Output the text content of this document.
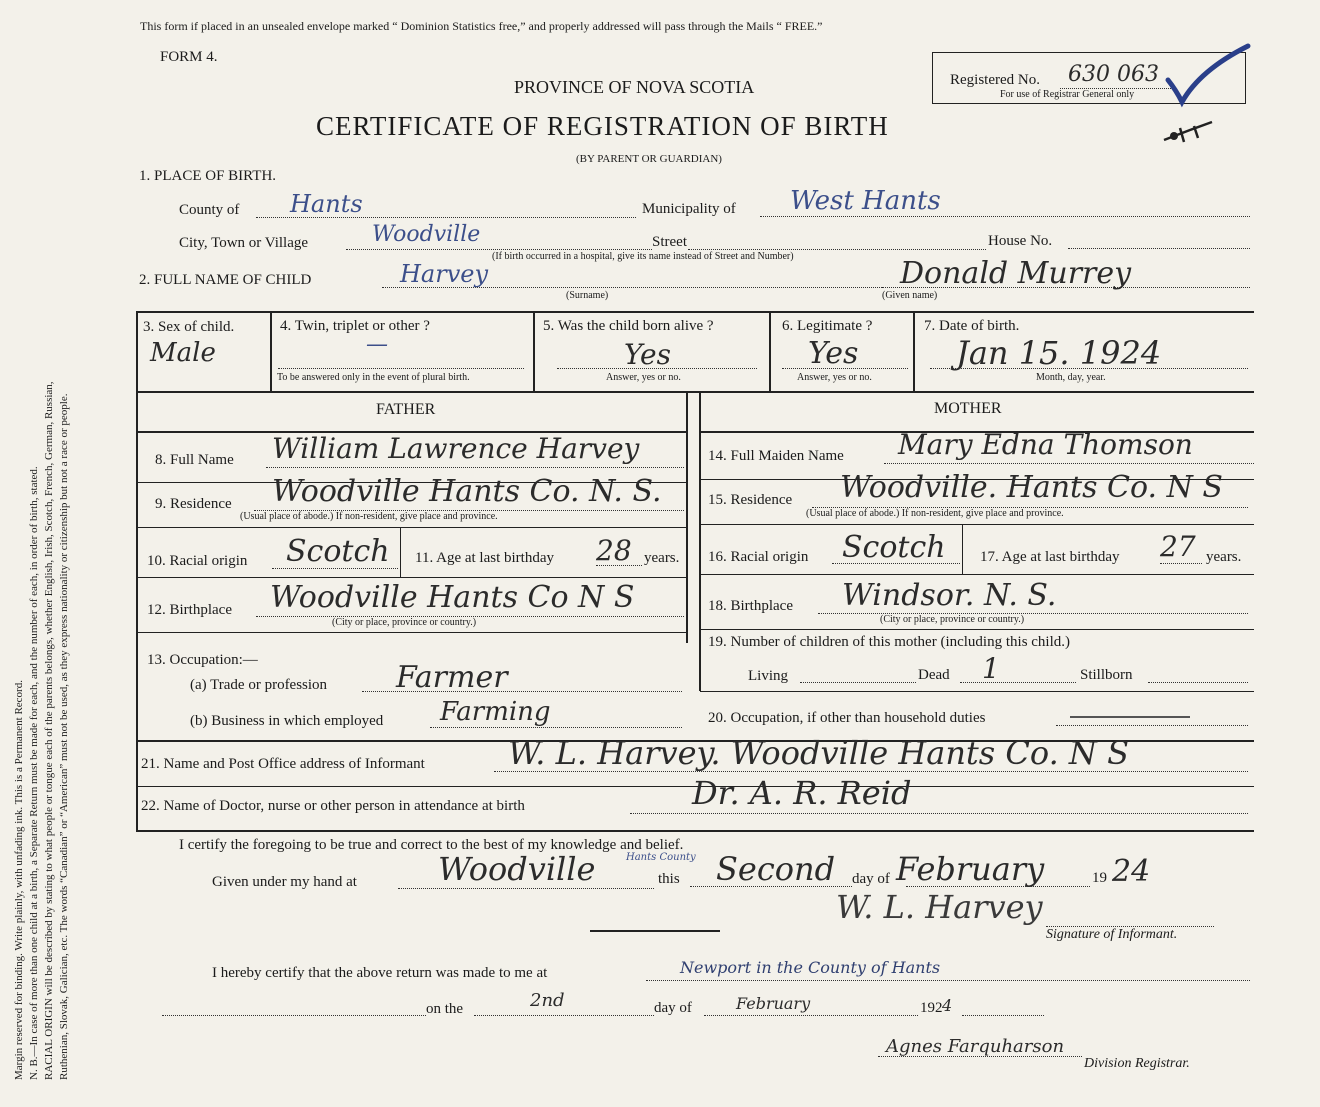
Margin reserved for binding. Write plainly, with unfading ink. This is a Permanent Record. N. B.—In case of more than one child at a birth, a Separate Return must be made for each, and the number of each, in order of birth, stated. RACIAL ORIGIN will be described by stating to what people or tongue each of the parents belongs, whether English, Irish, Scotch, French, German, Russian, Ruthenian, Slovak, Galician, etc. The words “Canadian” or “American” must not be used, as they express nationality or citizenship but not a race or people.
This form if placed in an unsealed envelope marked “ Dominion Statistics free,” and properly addressed will pass through the Mails “ FREE.”
FORM 4.
PROVINCE OF NOVA SCOTIA
CERTIFICATE OF REGISTRATION OF BIRTH
(BY PARENT OR GUARDIAN)
Registered No. 630 063
For use of Registrar General only
1. PLACE OF BIRTH.
County of Hants	Municipality of West Hants
City, Town or Village	Woodville	Street	House No.
(If birth occurred in a hospital, give its name instead of Street and Number)
2. FULL NAME OF CHILD	Harvey
(Surname)
Donald Murrey
(Given name)
3. Sex of child.
Male
4. Twin, triplet or other ?
—
To be answered only in the event of plural birth.
5. Was the child born alive ?
Yes
Answer, yes or no.
6. Legitimate ?
Yes
Answer, yes or no.
7. Date of birth.
Jan 15. 1924
Month, day, year.
FATHER	MOTHER
8. Full Name William Lawrence Harvey
9. Residence Woodville Hants Co. N. S.
(Usual place of abode.) If non-resident, give place and province.
10. Racial origin Scotch 11. Age at last birthday 28 years.
12. Birthplace Woodville Hants Co N S
(City or place, province or country.)
13. Occupation:—
(a) Trade or profession Farmer
(b) Business in which employed Farming
14. Full Maiden Name Mary Edna Thomson
15. Residence Woodville. Hants Co. N S
(Usual place of abode.) If non-resident, give place and province.
16. Racial origin Scotch 17. Age at last birthday 27 years.
18. Birthplace Windsor. N. S.
(City or place, province or country.)
19. Number of children of this mother (including this child.)
Living	Dead 1	Stillborn
20. Occupation, if other than household duties
21. Name and Post Office address of Informant	W. L. Harvey. Woodville Hants Co. N S
22. Name of Doctor, nurse or other person in attendance at birth	Dr. A. R. Reid
I certify the foregoing to be true and correct to the best of my knowledge and belief.
Given under my hand at	Woodville	Hants County
this Second day of February	19 24
W. L. Harvey
Signature of Informant.
I hereby certify that the above return was made to me at	Newport in the County of Hants
on the	2nd	day of	February	192 4
Agnes Farquharson
Division Registrar.
